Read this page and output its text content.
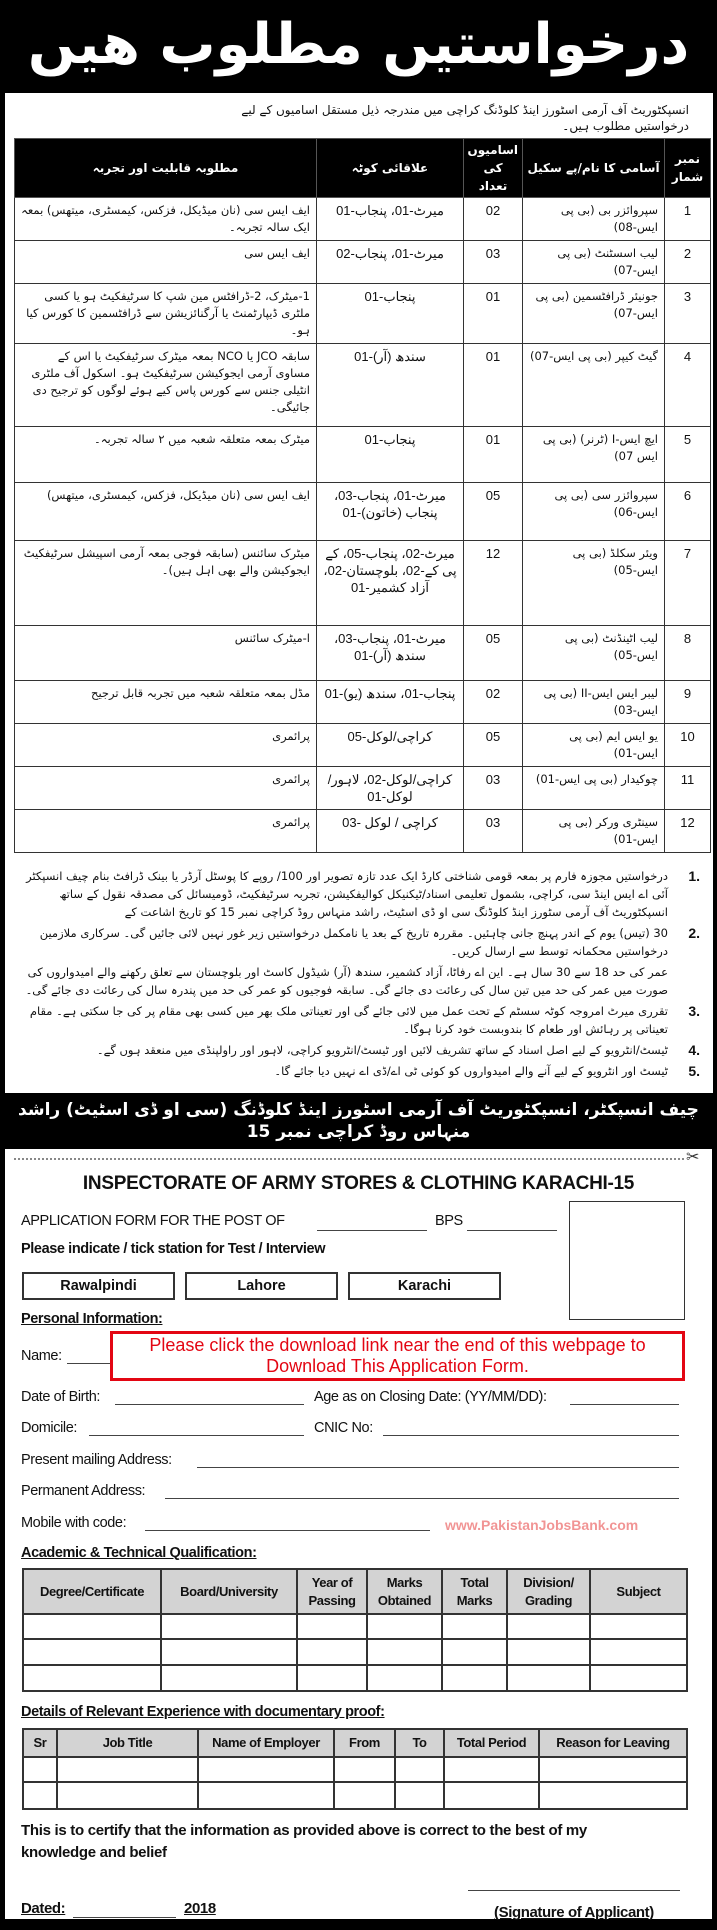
درخواستیں مطلوب ھیں
انسپکٹوریٹ آف آرمی اسٹورز اینڈ کلوڈنگ کراچی میں مندرجہ ذیل مستقل اسامیوں کے لیے درخواستیں مطلوب ہیں۔
نمبر شمار	آسامی کا نام/پے سکیل	اسامیوں کی تعداد	علاقائی کوٹہ	مطلوبہ قابلیت اور تجربہ
1	سپروائزر بی (بی پی ایس-08)	02	میرٹ-01، پنجاب-01	ایف ایس سی (نان میڈیکل، فزکس، کیمسٹری، میتھس) بمعہ ایک سالہ تجربہ۔
2	لیب اسسٹنٹ (بی پی ایس-07)	03	میرٹ-01، پنجاب-02	ایف ایس سی
3	جونیئر ڈرافٹسمین (بی پی ایس-07)	01	پنجاب-01	1-میٹرک، 2-ڈرافٹس مین شپ کا سرٹیفکیٹ ہو یا کسی ملٹری ڈیپارٹمنٹ یا آرگنائزیشن سے ڈرافٹسمین کا کورس کیا ہو۔
4	گیٹ کیپر (بی پی ایس-07)	01	سندھ (آر)-01	سابقہ JCO یا NCO بمعہ میٹرک سرٹیفکیٹ یا اس کے مساوی آرمی ایجوکیشن سرٹیفکیٹ ہو۔ اسکول آف ملٹری انٹیلی جنس سے کورس پاس کیے ہوئے لوگوں کو ترجیح دی جائیگی۔
5	ایچ ایس-I (ٹرنر) (بی پی ایس 07)	01	پنجاب-01	میٹرک بمعہ متعلقہ شعبہ میں ۲ سالہ تجربہ۔
6	سپروائزر سی (بی پی ایس-06)	05	میرٹ-01، پنجاب-03، پنجاب (خاتون)-01	ایف ایس سی (نان میڈیکل، فزکس، کیمسٹری، میتھس)
7	ویئر سکلڈ (بی پی ایس-05)	12	میرٹ-02، پنجاب-05، کے پی کے-02، بلوچستان-02، آزاد کشمیر-01	میٹرک سائنس (سابقہ فوجی بمعہ آرمی اسپیشل سرٹیفکیٹ ایجوکیشن والے بھی اہل ہیں)۔
8	لیب اٹینڈنٹ (بی پی ایس-05)	05	میرٹ-01، پنجاب-03، سندھ (آر)-01	ا-میٹرک سائنس
9	لیبر ایس ایس-II (بی پی ایس-03)	02	پنجاب-01، سندھ (یو)-01	مڈل بمعہ متعلقہ شعبہ میں تجربہ قابل ترجیح
10	یو ایس ایم (بی پی ایس-01)	05	کراچی/لوکل-05	پرائمری
11	چوکیدار (بی پی ایس-01)	03	کراچی/لوکل-02، لاہور/لوکل-01	پرائمری
12	سینٹری ورکر (بی پی ایس-01)	03	کراچی / لوکل -03	پرائمری
1.
درخواستیں مجوزہ فارم پر بمعہ قومی شناختی کارڈ ایک عدد تازہ تصویر اور 100/ روپے کا پوسٹل آرڈر یا بینک ڈرافٹ بنام چیف انسپکٹر آئی اے ایس اینڈ سی، کراچی، بشمول تعلیمی اسناد/ٹیکنیکل کوالیفکیشن، تجربہ سرٹیفکیٹ، ڈومیسائل کی مصدقہ نقول کے ساتھ انسپکٹوریٹ آف آرمی سٹورز اینڈ کلوڈنگ سی او ڈی اسٹیٹ، راشد منہاس روڈ کراچی نمبر 15 کو تاریخ اشاعت کے
2.
30 (تیس) یوم کے اندر پہنچ جانی چاہئیں۔ مقررہ تاریخ کے بعد یا نامکمل درخواستیں زیر غور نہیں لائی جائیں گی۔ سرکاری ملازمین درخواستیں محکمانہ توسط سے ارسال کریں۔
عمر کی حد 18 سے 30 سال ہے۔ این اے رفاٹا، آزاد کشمیر، سندھ (آر) شیڈول کاسٹ اور بلوچستان سے تعلق رکھنے والے امیدواروں کی صورت میں عمر کی حد میں تین سال کی رعائت دی جائے گی۔ سابقہ فوجیوں کو عمر کی حد میں پندرہ سال کی رعائت دی جائے گی۔
3.
تقرری میرٹ امروجہ کوٹہ سسٹم کے تحت عمل میں لائی جائے گی اور تعیناتی ملک بھر میں کسی بھی مقام پر کی جا سکتی ہے۔ مقام تعیناتی پر رہائش اور طعام کا بندوبست خود کرنا ہوگا۔
4.
ٹیسٹ/انٹرویو کے لیے اصل اسناد کے ساتھ تشریف لائیں اور ٹیسٹ/انٹرویو کراچی، لاہور اور راولپنڈی میں منعقد ہوں گے۔
5.
ٹیسٹ اور انٹرویو کے لیے آنے والے امیدواروں کو کوئی ٹی اے/ڈی اے نہیں دیا جائے گا۔
چیف انسپکٹر، انسپکٹوریٹ آف آرمی اسٹورز اینڈ کلوڈنگ (سی او ڈی اسٹیٹ) راشد منہاس روڈ کراچی نمبر 15
✂
INSPECTORATE OF ARMY STORES & CLOTHING KARACHI-15
APPLICATION FORM FOR THE POST OF	BPS
Please indicate / tick station for Test / Interview
Rawalpindi	Lahore	Karachi
Personal Information:
Name:
Date of Birth:	Age as on Closing Date: (YY/MM/DD):
Domicile:	CNIC No:
Present mailing Address:
Permanent Address:
Mobile with code:	www.PakistanJobsBank.com
Please click the download link near the end of this webpage to Download This Application Form.
Academic & Technical Qualification:
Degree/Certificate	Board/University	Year of Passing	Marks Obtained	Total Marks	Division/ Grading	Subject

Details of Relevant Experience with documentary proof:
Sr	Job Title	Name of Employer	From	To	Total Period	Reason for Leaving

This is to certify that the information as provided above is correct to the best of my knowledge and belief
Dated:	2018	(Signature of Applicant)
